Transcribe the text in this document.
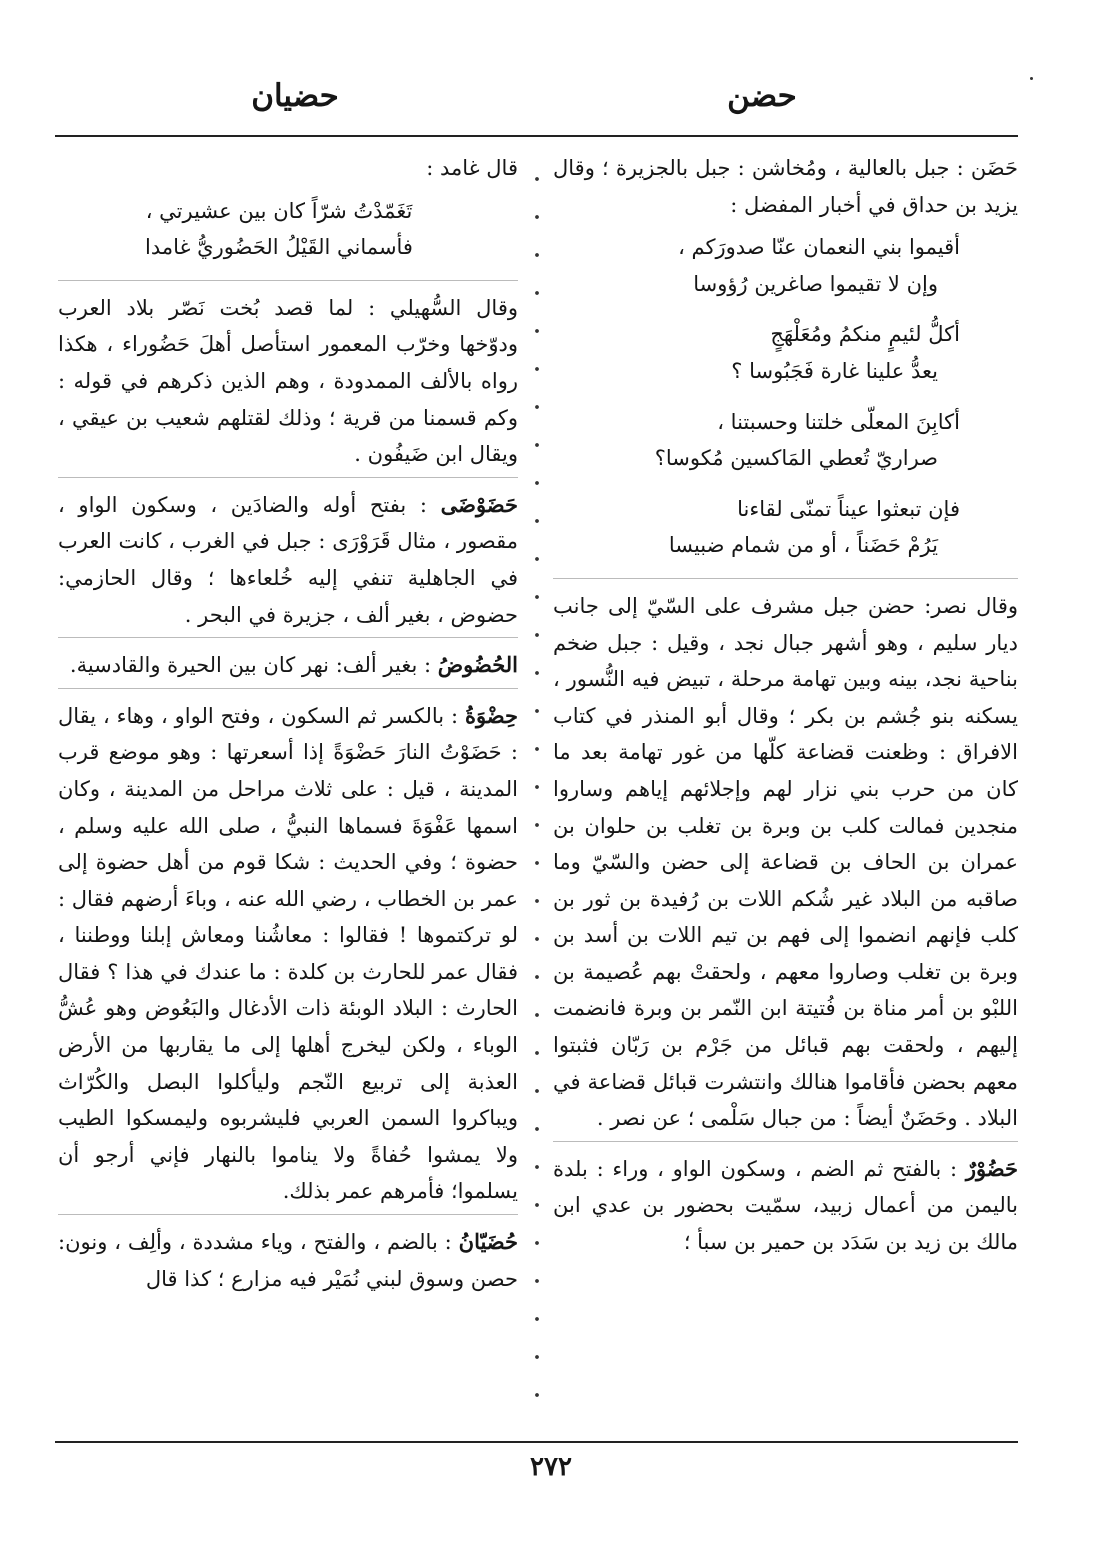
حضن
حضيان

حَضَن : جبل بالعالية ، ومُخاشن : جبل بالجزيرة ؛ وقال يزيد بن حداق في أخبار المفضل :

أقيموا بني النعمان عنّا صدورَكم ،
وإن لا تقيموا صاغرين رُؤوسا
أكلُّ لئيمٍ منكمُ ومُعَلْهَجٍ
يعدُّ علينا غارة فَجَبُوسا ؟
أكابِنَ المعلّى خلتنا وحسبتنا ،
صراريّ تُعطي المَاكسين مُكوسا؟
فإن تبعثوا عيناً تمنّى لقاءنا
يَرُمْ حَضَناً ، أو من شمام ضبيسا

وقال نصر: حضن جبل مشرف على السّيّ إلى جانب ديار سليم ، وهو أشهر جبال نجد ، وقيل : جبل ضخم بناحية نجد، بينه وبين تهامة مرحلة ، تبيض فيه النُّسور ، يسكنه بنو جُشم بن بكر ؛ وقال أبو المنذر في كتاب الافراق : وظعنت قضاعة كلّها من غور تهامة بعد ما كان من حرب بني نزار لهم وإجلائهم إياهم وساروا منجدين فمالت كلب بن وبرة بن تغلب بن حلوان بن عمران بن الحاف بن قضاعة إلى حضن والسّيّ وما صاقبه من البلاد غير شُكم اللات بن رُفيدة بن ثور بن كلب فإنهم انضموا إلى فهم بن تيم اللات بن أسد بن وبرة بن تغلب وصاروا معهم ، ولحقتْ بهم عُصيمة بن اللبْو بن أمر مناة بن فُتيتة ابن النّمر بن وبرة فانضمت إليهم ، ولحقت بهم قبائل من جَرْم بن رَبّان فثبتوا معهم بحضن فأقاموا هنالك وانتشرت قبائل قضاعة في البلاد . وحَضَنٌ أيضاً : من جبال سَلْمى ؛ عن نصر .

حَضُوْرٌ : بالفتح ثم الضم ، وسكون الواو ، وراء : بلدة باليمن من أعمال زبيد، سمّيت بحضور بن عدي ابن مالك بن زيد بن سَدَد بن حمير بن سبأ ؛

قال غامد :

تَغَمّدْتُ شرّاً كان بين عشيرتي ،
فأسماني القَيْلُ الحَضُوريُّ غامدا

وقال السُّهيلي : لما قصد بُخت نَصّر بلاد العرب ودوّخها وخرّب المعمور استأصل أهلَ حَضُوراء ، هكذا رواه بالألف الممدودة ، وهم الذين ذكرهم في قوله : وكم قسمنا من قرية ؛ وذلك لقتلهم شعيب بن عيقي ، ويقال ابن ضَيفُون .

حَضَوْضَى : بفتح أوله والضادَين ، وسكون الواو ، مقصور ، مثال قَرَوْرَى : جبل في الغرب ، كانت العرب في الجاهلية تنفي إليه خُلعاءها ؛ وقال الحازمي: حضوض ، بغير ألف ، جزيرة في البحر .

الحُضُوضُ : بغير ألف: نهر كان بين الحيرة والقادسية.

حِضْوَةُ : بالكسر ثم السكون ، وفتح الواو ، وهاء ، يقال : حَضَوْتُ النارَ حَضْوَةً إذا أسعرتها : وهو موضع قرب المدينة ، قيل : على ثلاث مراحل من المدينة ، وكان اسمها عَفْوَةَ فسماها النبيُّ ، صلى الله عليه وسلم ، حضوة ؛ وفي الحديث : شكا قوم من أهل حضوة إلى عمر بن الخطاب ، رضي الله عنه ، وباءَ أرضهم فقال : لو تركتموها ! فقالوا : معاشُنا ومعاش إبلنا ووطننا ، فقال عمر للحارث بن كلدة : ما عندك في هذا ؟ فقال الحارث : البلاد الوبئة ذات الأدغال والبَعُوض وهو عُشُّ الوباء ، ولكن ليخرج أهلها إلى ما يقاربها من الأرض العذبة إلى تربيع النّجم وليأكلوا البصل والكُرّاث ويباكروا السمن العربي فليشربوه وليمسكوا الطيب ولا يمشوا حُفاةً ولا يناموا بالنهار فإني أرجو أن يسلموا؛ فأمرهم عمر بذلك.

حُضَيّانُ : بالضم ، والفتح ، وياء مشددة ، وألِف ، ونون: حصن وسوق لبني نُمَيْر فيه مزارع ؛ كذا قال

٢٧٢
